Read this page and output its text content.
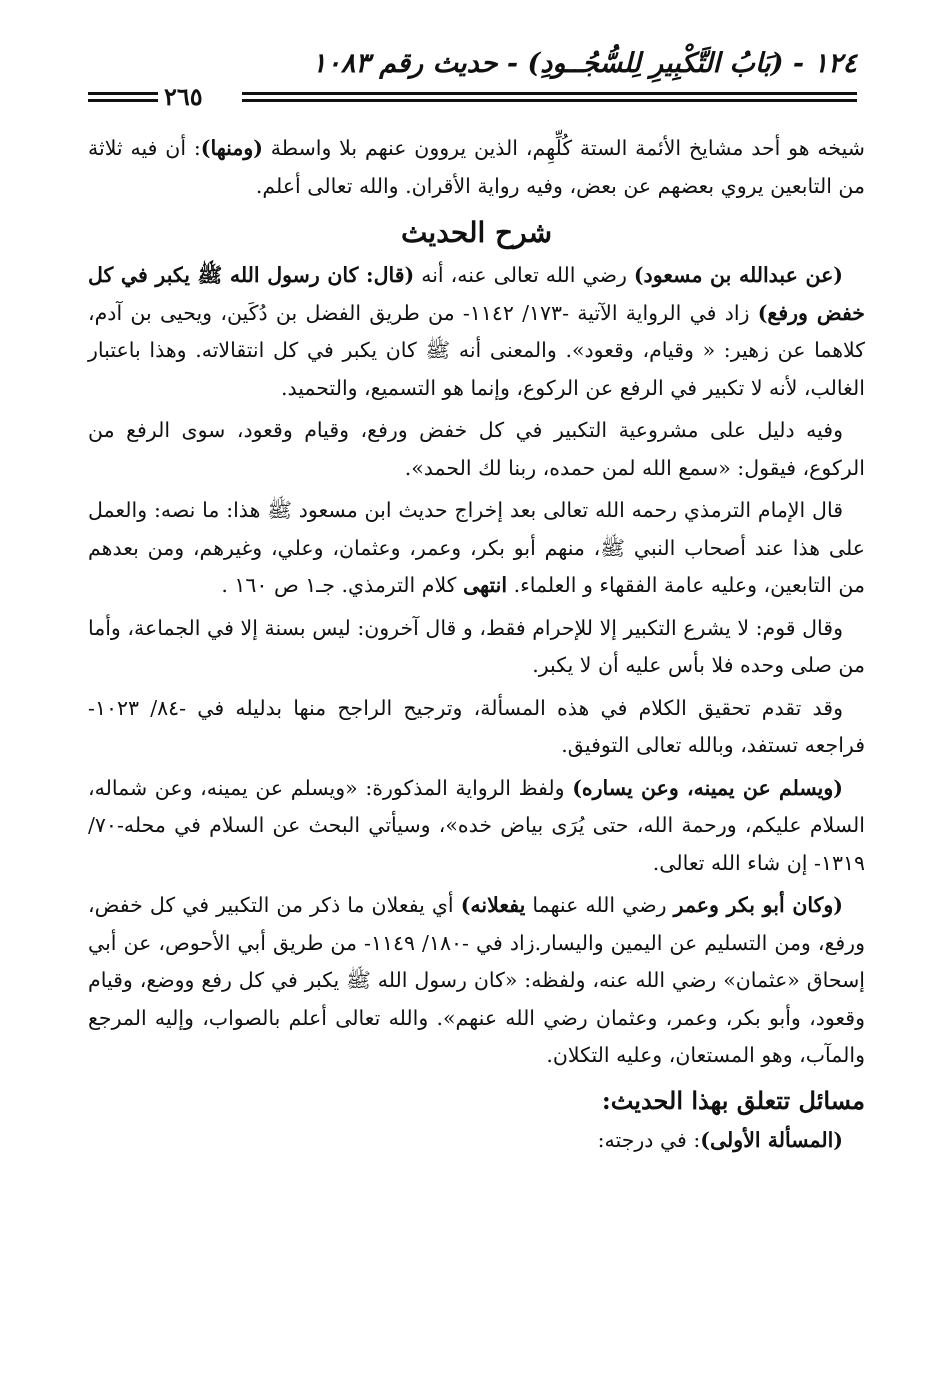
١٢٤ - (بَابُ التَّكْبِيرِ لِلسُّجُــودِ) - حديث رقم ١٠٨٣
٢٦٥

شيخه هو أحد مشايخ الأئمة الستة كُلِّهِم، الذين يروون عنهم بلا واسطة (ومنها): أن فيه ثلاثة من التابعين يروي بعضهم عن بعض، وفيه رواية الأقران. والله تعالى أعلم.

شرح الحديث

(عن عبدالله بن مسعود) رضي الله تعالى عنه، أنه (قال: كان رسول الله ﷺ يكبر في كل خفض ورفع) زاد في الرواية الآتية -١٧٣/ ١١٤٢- من طريق الفضل بن دُكَين، ويحيى بن آدم، كلاهما عن زهير: « وقيام، وقعود». والمعنى أنه ﷺ كان يكبر في كل انتقالاته. وهذا باعتبار الغالب، لأنه لا تكبير في الرفع عن الركوع، وإنما هو التسميع، والتحميد.

وفيه دليل على مشروعية التكبير في كل خفض ورفع، وقيام وقعود، سوى الرفع من الركوع، فيقول: «سمع الله لمن حمده، ربنا لك الحمد».

قال الإمام الترمذي رحمه الله تعالى بعد إخراج حديث ابن مسعود ﷺ هذا: ما نصه: والعمل على هذا عند أصحاب النبي ﷺ، منهم أبو بكر، وعمر، وعثمان، وعلي، وغيرهم، ومن بعدهم من التابعين، وعليه عامة الفقهاء و العلماء. انتهى كلام الترمذي. جـ١ ص ١٦٠ .

وقال قوم: لا يشرع التكبير إلا للإحرام فقط، و قال آخرون: ليس بسنة إلا في الجماعة، وأما من صلى وحده فلا بأس عليه أن لا يكبر.

وقد تقدم تحقيق الكلام في هذه المسألة، وترجيح الراجح منها بدليله في -٨٤/ ١٠٢٣- فراجعه تستفد، وبالله تعالى التوفيق.

(ويسلم عن يمينه، وعن يساره) ولفظ الرواية المذكورة: «ويسلم عن يمينه، وعن شماله، السلام عليكم، ورحمة الله، حتى يُرَى بياض خده»، وسيأتي البحث عن السلام في محله-٧٠/ ١٣١٩- إن شاء الله تعالى.

(وكان أبو بكر وعمر رضي الله عنهما يفعلانه) أي يفعلان ما ذكر من التكبير في كل خفض، ورفع، ومن التسليم عن اليمين واليسار.زاد في -١٨٠/ ١١٤٩- من طريق أبي الأحوص، عن أبي إسحاق «عثمان» رضي الله عنه، ولفظه: «كان رسول الله ﷺ يكبر في كل رفع ووضع، وقيام وقعود، وأبو بكر، وعمر، وعثمان رضي الله عنهم». والله تعالى أعلم بالصواب، وإليه المرجع والمآب، وهو المستعان، وعليه التكلان.

مسائل تتعلق بهذا الحديث:

(المسألة الأولى): في درجته:
